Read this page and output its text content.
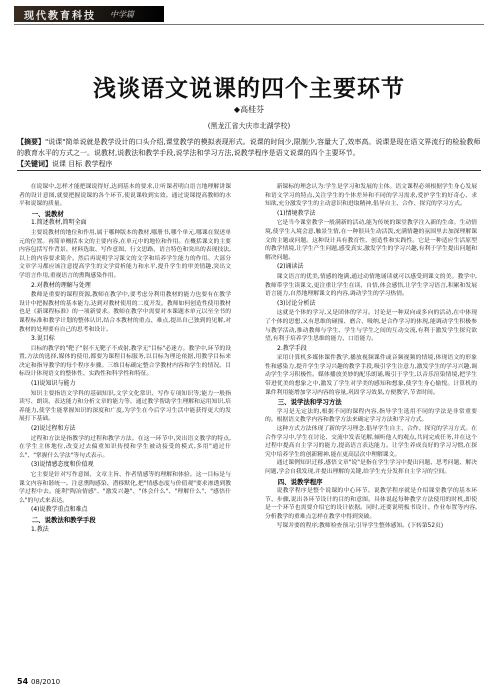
现代教育科技 中学篇
浅谈语文说课的四个主要环节
◆高桂芬
(黑龙江省大庆市北湖学校)
【摘要】"说课"简单说就是教学设计的口头介绍,课堂教学的模拟表现形式。说课的时间少,限制少,容量大了,效率高。说课是现在语文界流行的检验教师的教育水平的方式之一。说教材,说教法和教学手段,说学法和学习方法,说教学程序是语文说课的四个主要环节。
【关键词】说课 目标 教学程序

在说课中,怎样才能把课说得好,达到基本的要求,让听课者明白语言地理解讲课者的设计意图,就要把握说课的各个环节,使说课收到实效。通过说课提高教师的水平和说课的质量。

一、说教材
1.简述教材,简明全面

主要说教材的地位和作用,属于哪种版本的教材,哪册书,哪个单元,哪课在叙述单元的位置。再简单概括本文的主要内容,在单元中的地位和作用。在概括课文的主要内容包括写作背景、材料选取、写作意图、行文思路、语言特色和突出的表现技法,以上的内容要求简介。然后再说明学习课文的文学和培养学生能力的作用。大部分文章学习都应该注意提高学生的文学赏析能力和水平,提升学生的审美情趣,突出文学语言作用,重视语言的熏陶感染作用。

2.对教材的理解与处理

教师是重要的课程资源,教师在教学中,要考虑分利用教材的能力也要有在教学设计中把握教材的基本能力,达到对教材使用的二度开发。教师如何创造性使用教材也是《新课程标准》的一项新要求。教师在教学中需要对本课题本单元以至全书的课程标准和教学计划的整体认识,结合本教材的重点、难点,提出自己独到的见解,对教材的处理要有自己的思考和设计。

3.说目标

目标的教学的"靶子"射不无靶子不成射,教学无"目标"必迷方。教学中,环节的设置,方法的选择,媒体的使用,都要为课程目标服务,以目标为理论依据,用教学目标来决定和指导教学的每个程序步骤。三维目标确定整合学教材内容和学生的情况。目标设计体现语文的整体性、实践性和科学性和特征。

(1)说知识与能力

知识主要指语文学科的基础知识,文学文化常识、写作专项知识等;能力一般指读写、朗读、表达能力和分析文章的能力等。通过教学帮助学生理解和运用知识,培养能力,使学生能掌握知识的深度和广度,为学生在今后学习生活中能获得更大的发展打下基础。

(2)说过程和方法

过程和方法是指教学的过程和教学方法。在这一环节中,突出语文教学的特点,在学生主体地位,改变过去偏重知识传授和学生被动接受的模式,多用"通过什么"、"掌握什么学法"等句式表示。

(3)说情感态度和价值观

它主要是针对写作意图、文章主旨、作者情感等的理解和体验。这一目标是与课文内容和谐统一。注意熏陶感染、潜移默化,把"情感态度与价值观"要求渗透到教学过程中去。能利"陶冶情感"、"激发兴趣"、"体会什么"、"理解什么"、"感悟什么"的句式来表达。

(4)说教学重点和难点
二、说教法和教学手段
1.教法

新课标的理念认为:学生是学习和发展的主体。语文课程必须根据学生身心发展和语文学习的特点,关注学生的个体差异和不同的学习需求,爱护学生的好奇心、求知欲,充分激发学生的主动意识和进取精神,倡导自主、合作、探究的学习方式。

(1)情境教学法

它是当今课堂教学一般满新的活动,能为传统的课堂教学注入新的生命。生动情境,使学生入境会意,触景生情,在一种很具生动活泼,充满情趣的氛围里去加深理解课文的主题或问题。这种设计具有教育性、创造性和实践性。它是一种适应生活原型的教学情境,让学生产生问题,感受真实,激发学生的学习兴趣,有利于学生提出问题和解决问题。

(2)诵读法

课文语言的优美,情感的饱满,通过动情地诵读就可以感受到课文的美。教学中,教师带学生读课文,更注重让学生在读、自悟,体会感悟,让学生学习语言,积累和发展语言能力,自然地理解课文的内容,调动学生的学习热情。

(3)讨论分析法

这就是个体的学习,又是团体的学习。讨论是一种双向或多向的活动,在中体现了个体的思想,又有思维的碰撞、磨合、吸纳,是合作学习的体现,能调动学生积极参与教学活动,推动教师与学生、学生与学生之间的互动交流,有利于激发学生探究欲望,有利于培养学生思维的能力、口语能力。

2.教学手段

采用计算机多媒体课件教学,播放视频课件或音频视频的情境,体现语文的形象性和感染力,提升学生学习兴趣的教学手段,吸引学生注意力,激发学生的学习兴趣,调动学生学习积极性。媒体播放美妙的配乐朗诵,吸引于学生,以音乐渲染情境,把学生带进优美的想象之中,激发了学生对学美的感知和想象,使学生身心愉悦。计算机的课件利用能增加学习内容的容量,巩固学习效果,方便教学,节省时间。

三、说学法和学习方法

学习是无定法的,根据不同的课程内容,指导学生选用不同的学法是非常重要的。根据语文教学内容和教学方法来确定学习方法和学习方式。

这种方式方法体现了新的学习理念,倡导学生自主、合作、探究的学习方式。在合作学习中,学生在讨论、交流中发表见解,倾听他人的观点,共同完成任务,并在这个过程中提高自主学习的能力,提高语言表达能力。让学生养成良好的学习习惯,在探究中培养学生的创新精神,能在更高层次中理解课文。

通过课例知识迁移,感悟文章"说"是指在学生学习中提出问题、思考问题、解决问题,学会自我发现,并提出理解的关键,给学生充分发挥自主学习的空间。

四、说教学程序

说教学程序是整个说课的中心环节。说教学程序就是介绍课堂教学的基本环节、步骤,说出各环节设计的目的和意图。具体说起每种教学方法使用的时机,即使是一个环节也需要介绍它的设计依据。同时,还要说明板书设计、作业布置等内容,分析教学的重难点怎样在教学中得到突破。

写课并要的程序;教师检查预习;引导学生整体感知。(下转第52页)

54 08/2010
